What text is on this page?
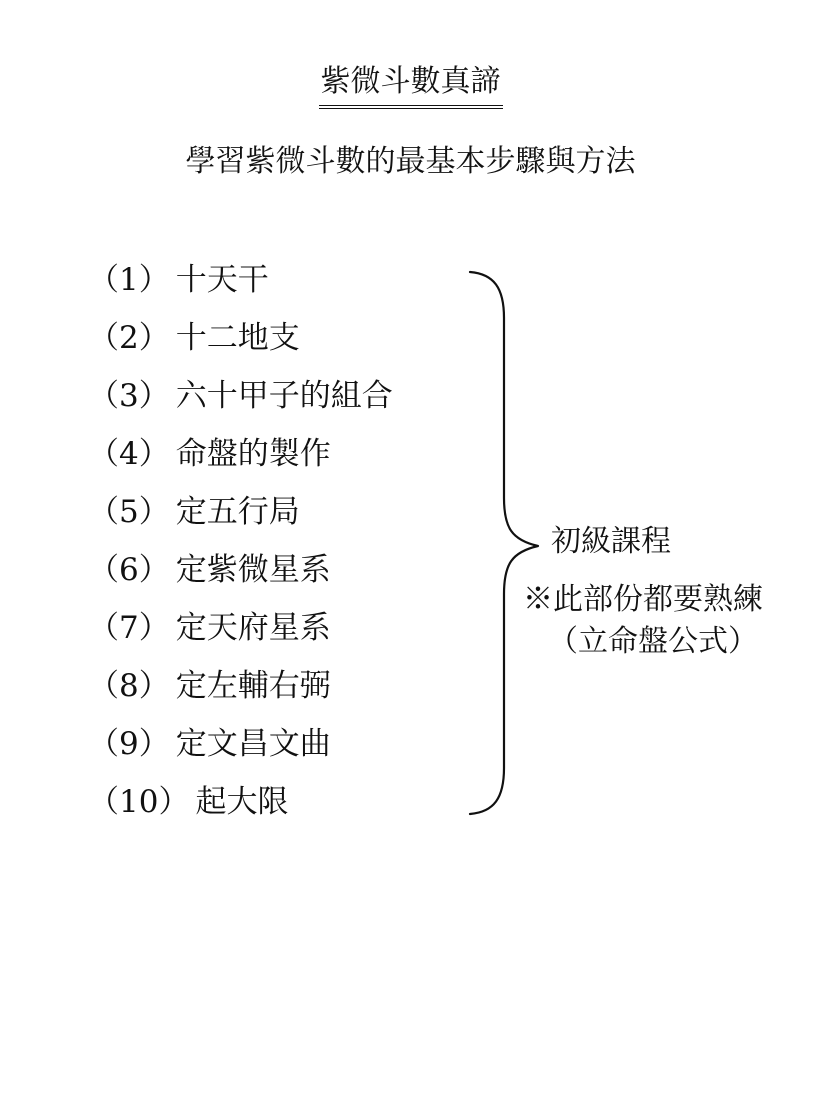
紫微斗數真諦
學習紫微斗數的最基本步驟與方法
（1） 十天干
（2） 十二地支
（3） 六十甲子的組合
（4） 命盤的製作
（5） 定五行局
（6） 定紫微星系
（7） 定天府星系
（8） 定左輔右弼
（9） 定文昌文曲
（10） 起大限
初級課程
※此部份都要熟練
（立命盤公式）
